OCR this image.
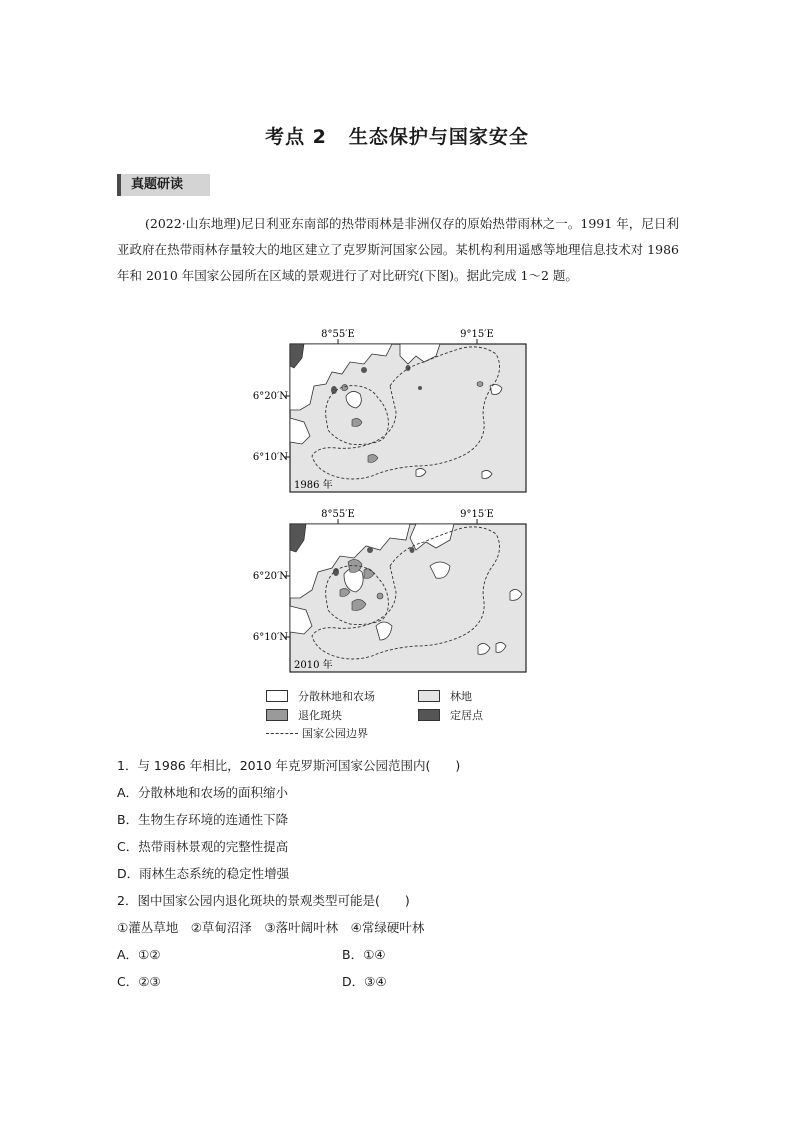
考点 2 生态保护与国家安全
真题研读
(2022·山东地理)尼日利亚东南部的热带雨林是非洲仅存的原始热带雨林之一。1991 年，尼日利亚政府在热带雨林存量较大的地区建立了克罗斯河国家公园。某机构利用遥感等地理信息技术对 1986 年和 2010 年国家公园所在区域的景观进行了对比研究(下图)。据此完成 1～2 题。
8°55′E	9°15′E
6°20′N
6°10′N
1986 年
8°55′E	9°15′E
6°20′N
6°10′N
2010 年
分散林地和农场	林地
退化斑块	定居点
国家公园边界
1．与 1986 年相比，2010 年克罗斯河国家公园范围内(　　)
A．分散林地和农场的面积缩小
B．生物生存环境的连通性下降
C．热带雨林景观的完整性提高
D．雨林生态系统的稳定性增强
2．图中国家公园内退化斑块的景观类型可能是(　　)
①灌丛草地　②草甸沼泽　③落叶阔叶林　④常绿硬叶林
A．①②	B．①④
C．②③	D．③④
